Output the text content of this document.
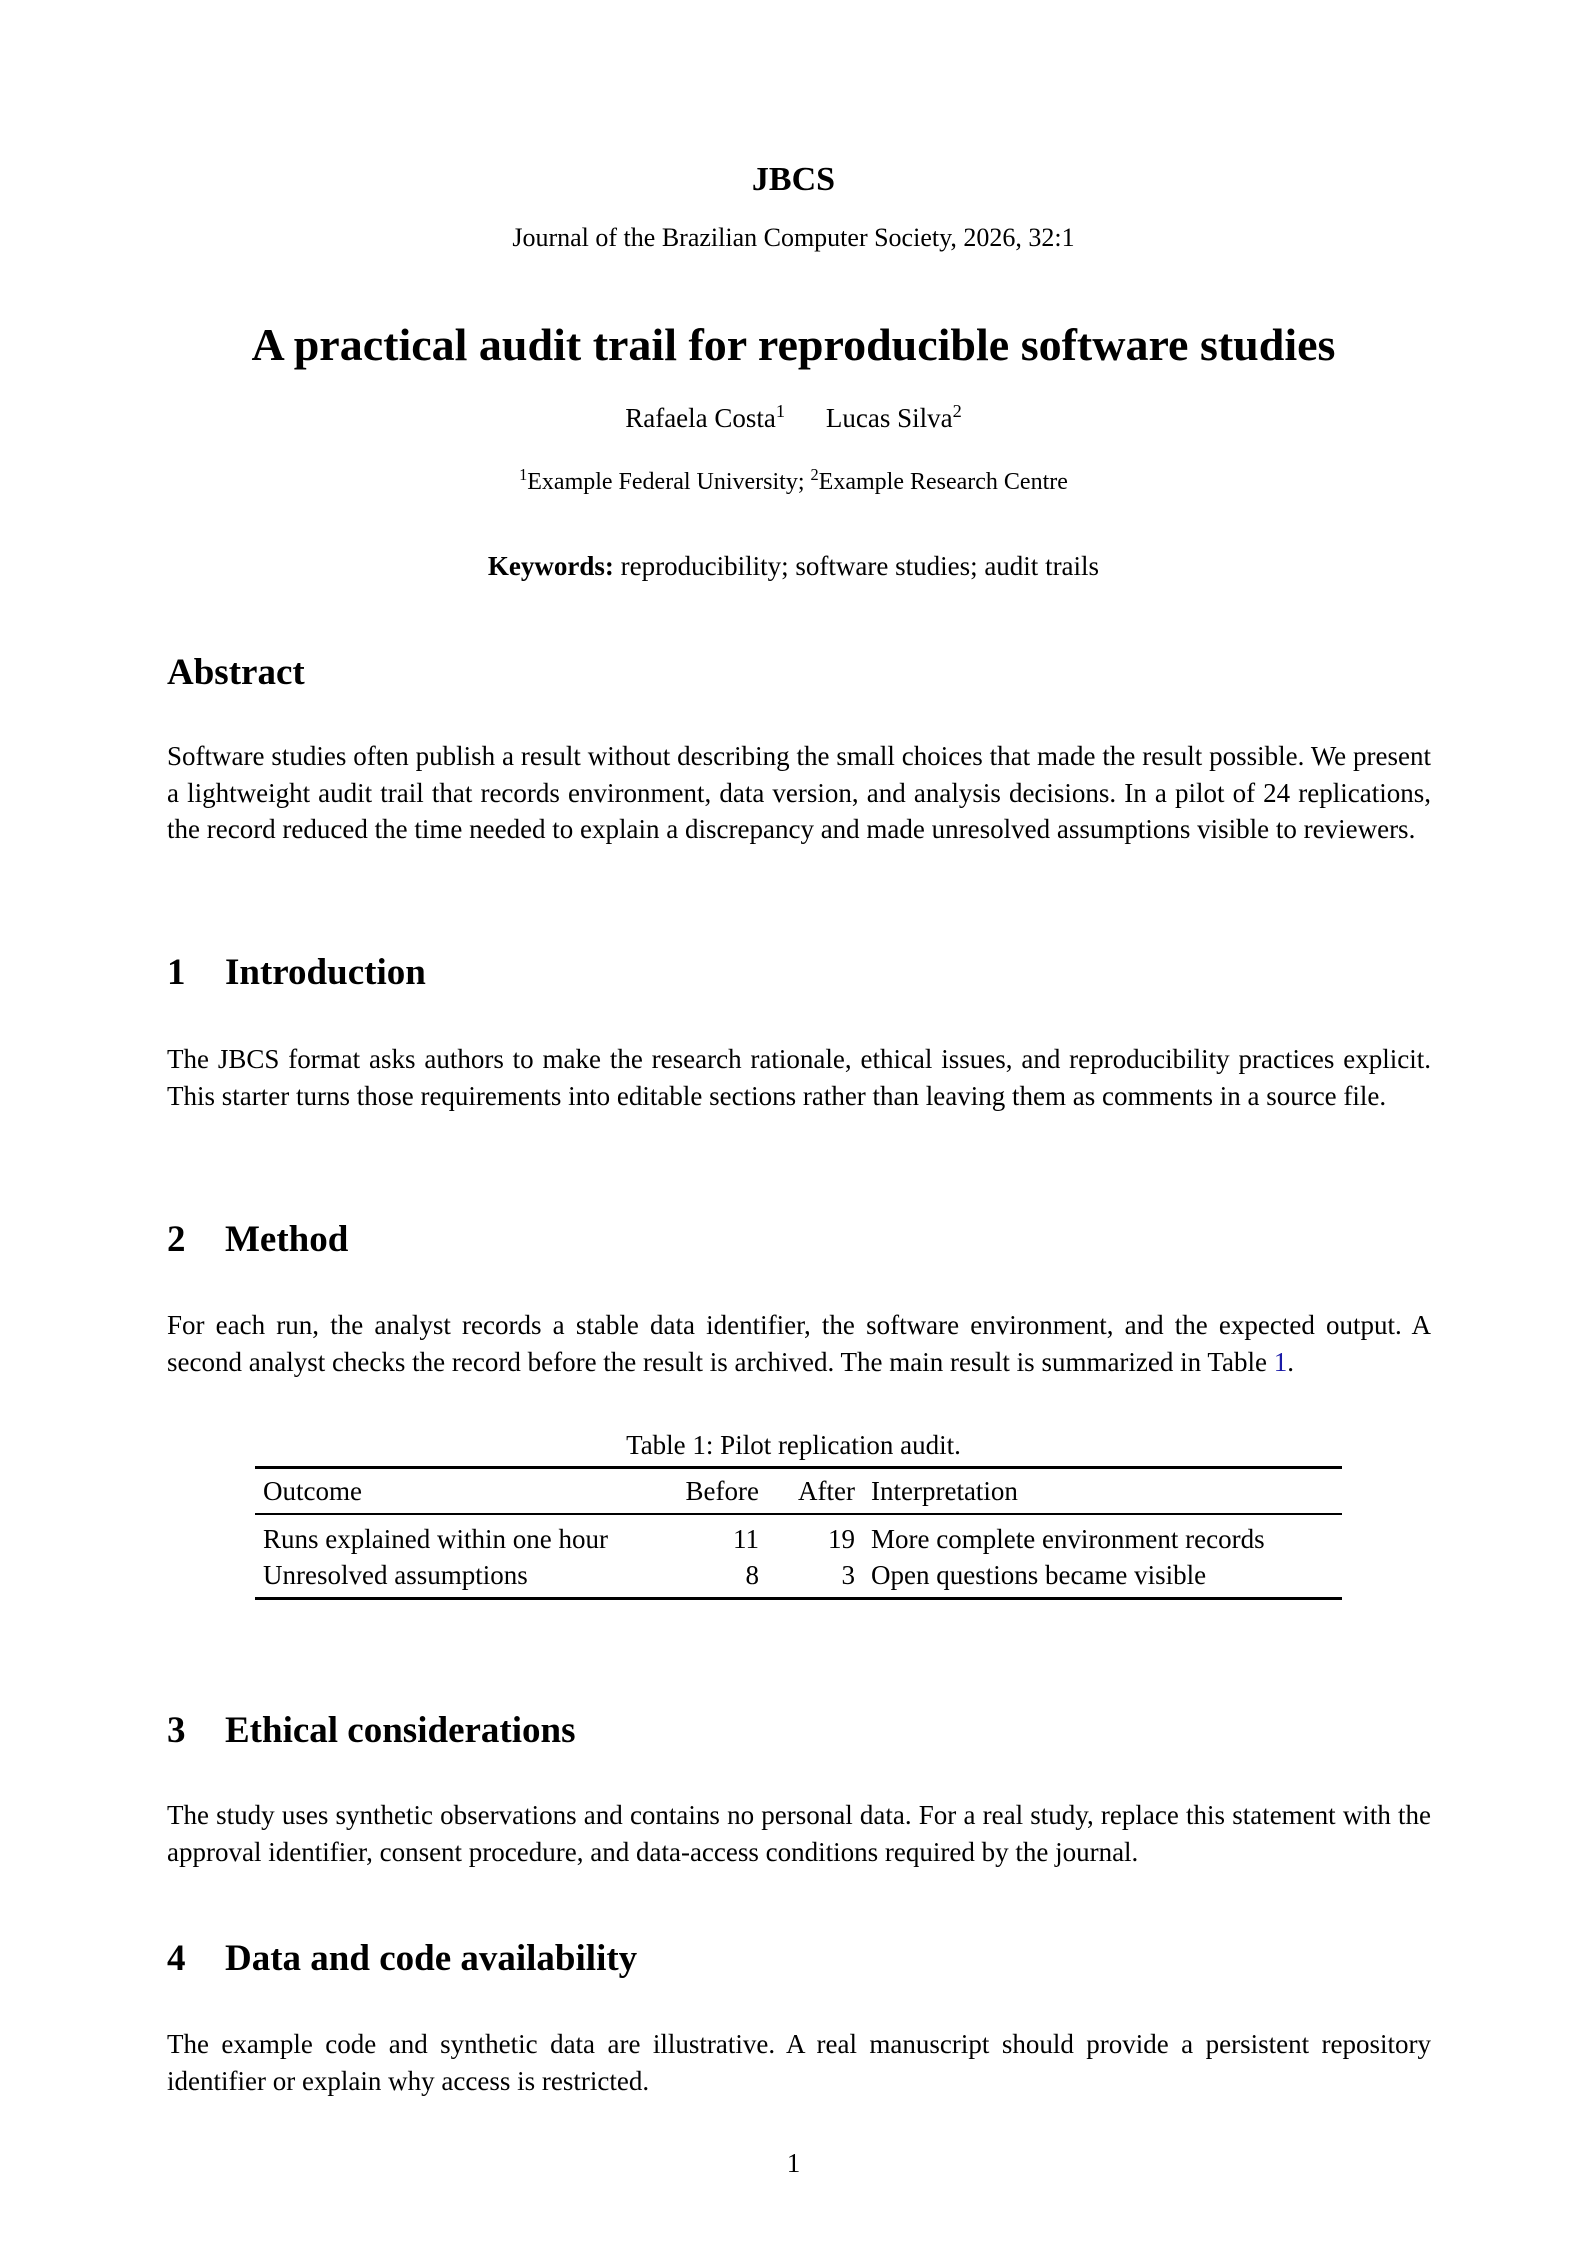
JBCS
Journal of the Brazilian Computer Society, 2026, 32:1
A practical audit trail for reproducible software studies
Rafaela Costa$^1$ Lucas Silva$^2$
$^1$Example Federal University; $^2$Example Research Centre
Keywords: reproducibility; software studies; audit trails
Abstract
Software studies often publish a result without describing the small choices that made the result possible. We present a lightweight audit trail that records environment, data version, and analysis decisions. In a pilot of 24 replications, the record reduced the time needed to explain a discrepancy and made unresolved assumptions visible to reviewers.
1 Introduction
The JBCS format asks authors to make the research rationale, ethical issues, and reproducibility practices explicit. This starter turns those requirements into editable sections rather than leaving them as comments in a source file.
2 Method
For each run, the analyst records a stable data identifier, the software environment, and the expected output. A second analyst checks the record before the result is archived. The main result is summarized in Table 1.
Table 1: Pilot replication audit.
Outcome	Before	After	Interpretation
Runs explained within one hour	11	19	More complete environment records
Unresolved assumptions	8	3	Open questions became visible
3 Ethical considerations
The study uses synthetic observations and contains no personal data. For a real study, replace this statement with the approval identifier, consent procedure, and data-access conditions required by the journal.
4 Data and code availability
The example code and synthetic data are illustrative. A real manuscript should provide a persistent repository identifier or explain why access is restricted.
1
